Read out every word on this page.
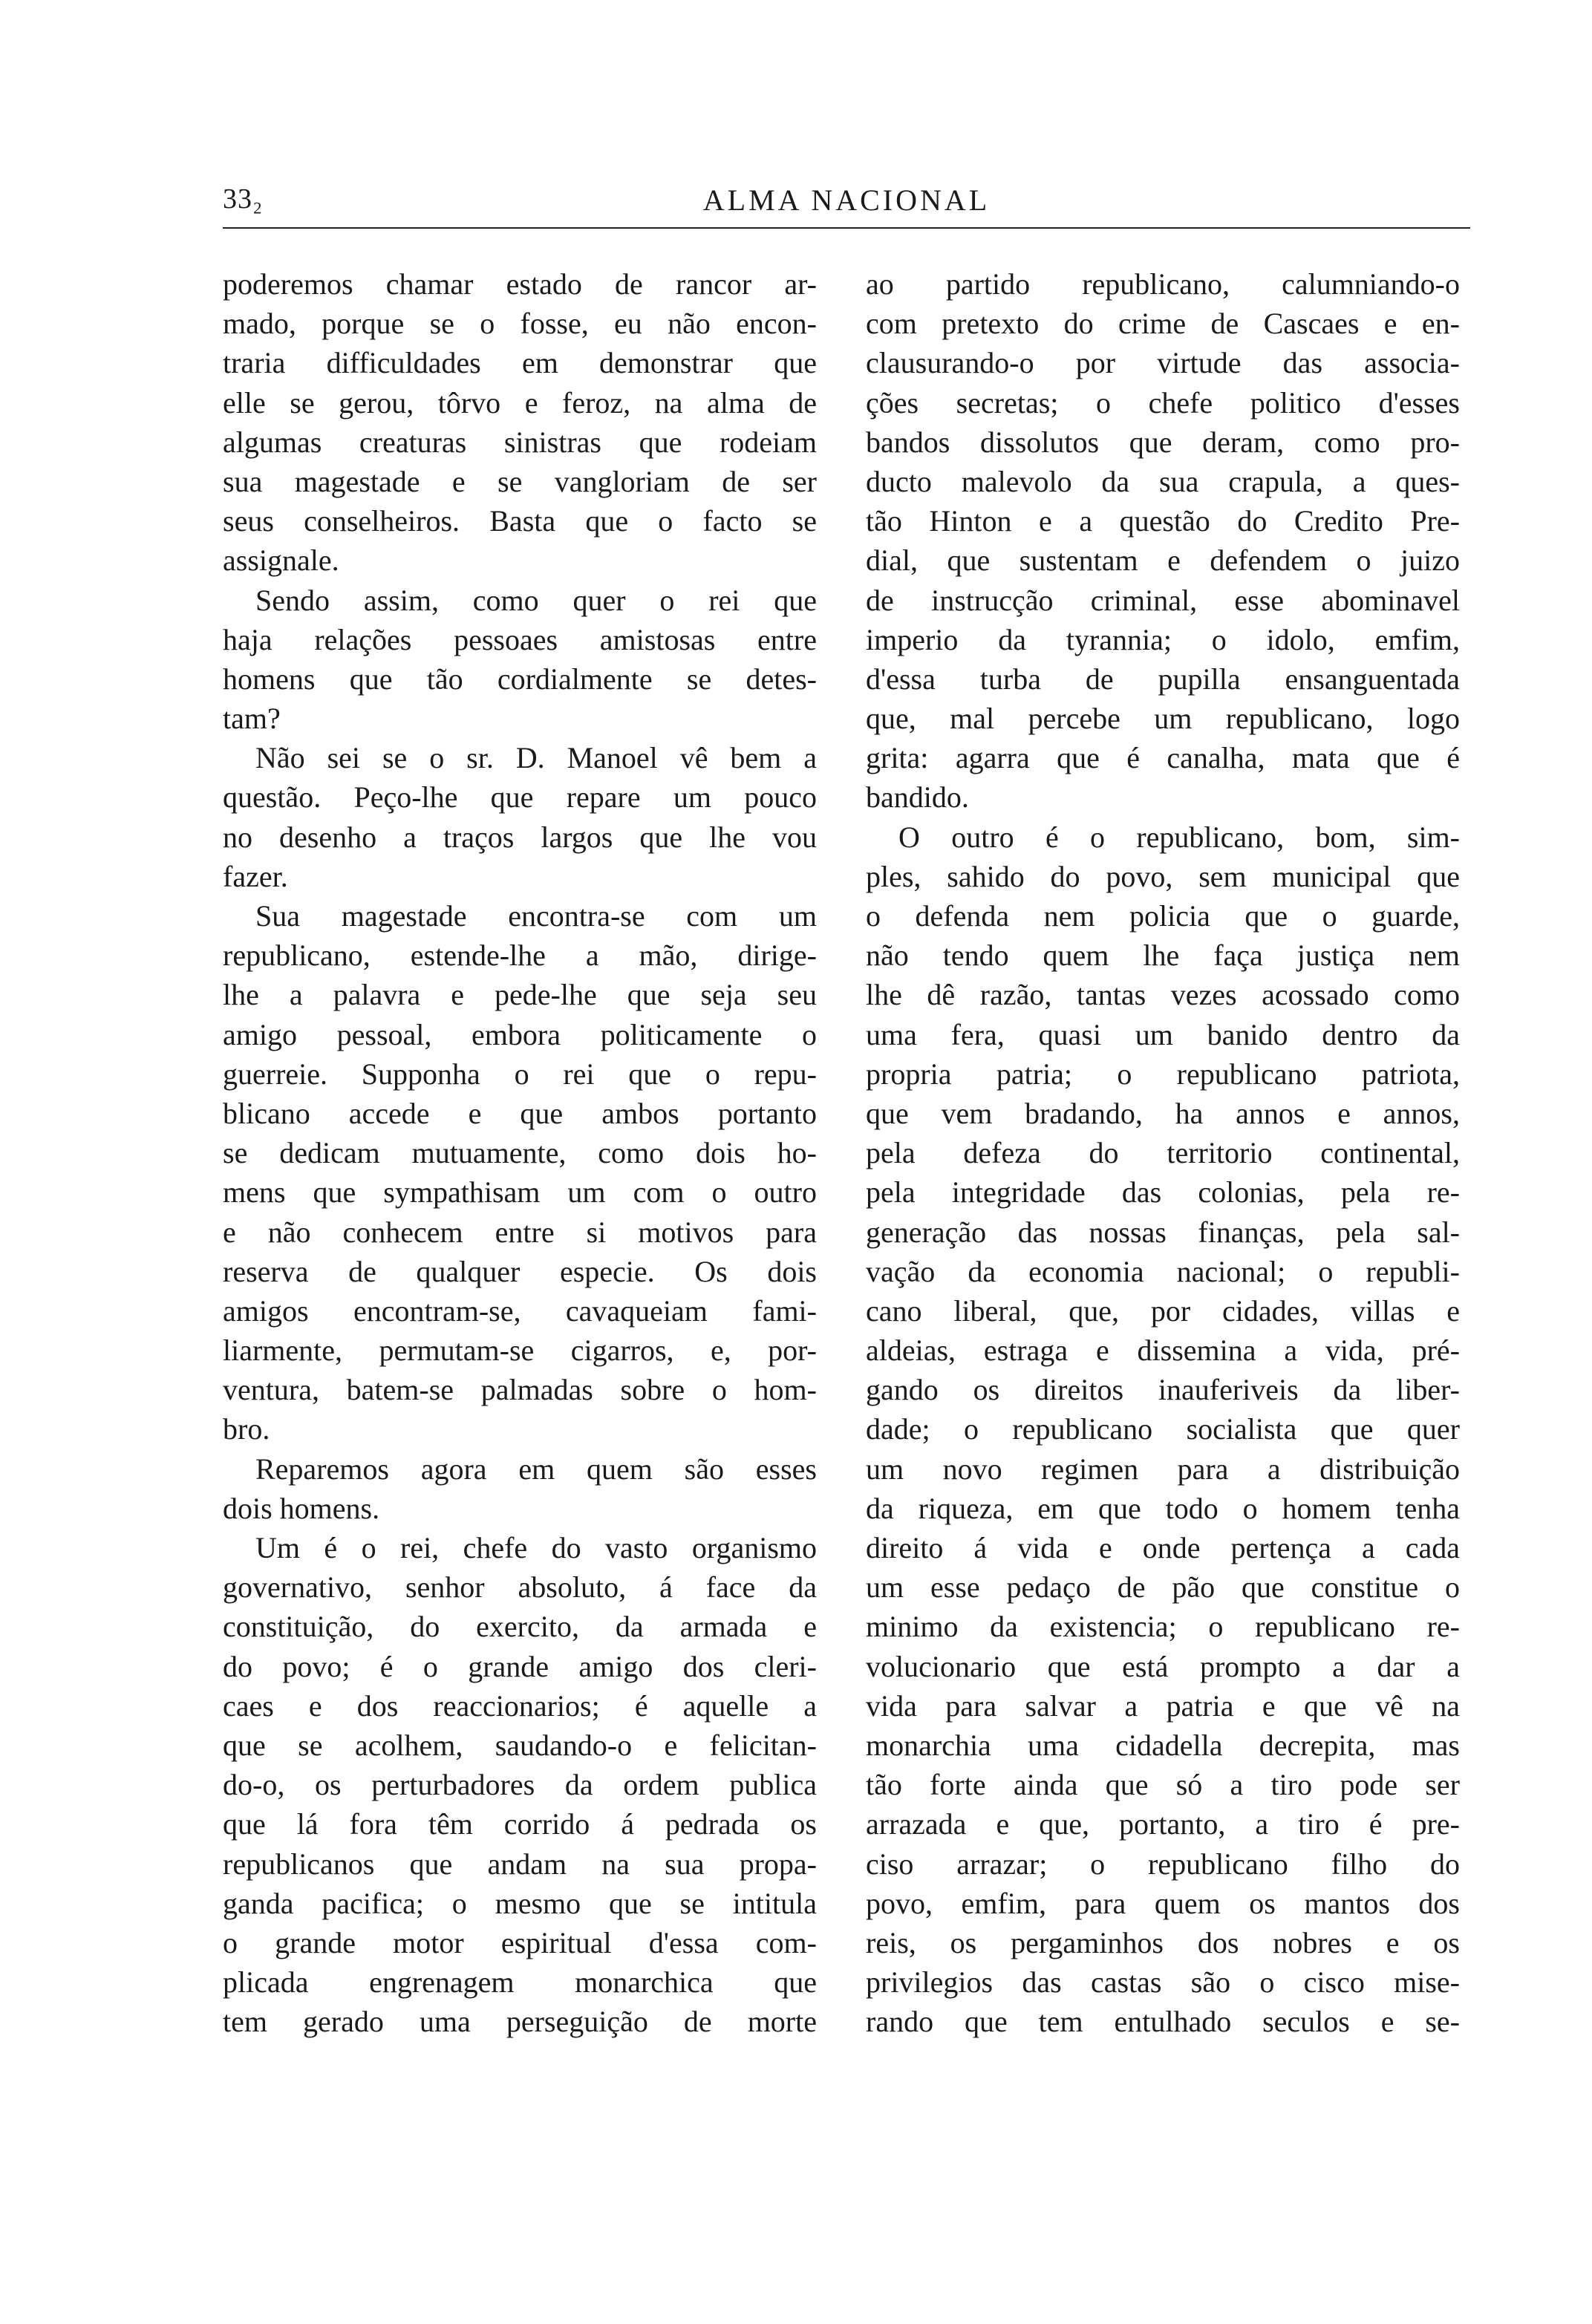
33₂	ALMA NACIONAL
poderemos chamar estado de rancor ar-
mado, porque se o fosse, eu não encon-
traria difficuldades em demonstrar que
elle se gerou, tôrvo e feroz, na alma de
algumas creaturas sinistras que rodeiam
sua magestade e se vangloriam de ser
seus conselheiros. Basta que o facto se
assignale.
Sendo assim, como quer o rei que
haja relações pessoaes amistosas entre
homens que tão cordialmente se detes-
tam?
Não sei se o sr. D. Manoel vê bem a
questão. Peço-lhe que repare um pouco
no desenho a traços largos que lhe vou
fazer.
Sua magestade encontra-se com um
republicano, estende-lhe a mão, dirige-
lhe a palavra e pede-lhe que seja seu
amigo pessoal, embora politicamente o
guerreie. Supponha o rei que o repu-
blicano accede e que ambos portanto
se dedicam mutuamente, como dois ho-
mens que sympathisam um com o outro
e não conhecem entre si motivos para
reserva de qualquer especie. Os dois
amigos encontram-se, cavaqueiam fami-
liarmente, permutam-se cigarros, e, por-
ventura, batem-se palmadas sobre o hom-
bro.
Reparemos agora em quem são esses
dois homens.
Um é o rei, chefe do vasto organismo
governativo, senhor absoluto, á face da
constituição, do exercito, da armada e
do povo; é o grande amigo dos cleri-
caes e dos reaccionarios; é aquelle a
que se acolhem, saudando-o e felicitan-
do-o, os perturbadores da ordem publica
que lá fora têm corrido á pedrada os
republicanos que andam na sua propa-
ganda pacifica; o mesmo que se intitula
o grande motor espiritual d'essa com-
plicada engrenagem monarchica que
tem gerado uma perseguição de morte
ao partido republicano, calumniando-o
com pretexto do crime de Cascaes e en-
clausurando-o por virtude das associa-
ções secretas; o chefe politico d'esses
bandos dissolutos que deram, como pro-
ducto malevolo da sua crapula, a ques-
tão Hinton e a questão do Credito Pre-
dial, que sustentam e defendem o juizo
de instrucção criminal, esse abominavel
imperio da tyrannia; o idolo, emfim,
d'essa turba de pupilla ensanguentada
que, mal percebe um republicano, logo
grita: agarra que é canalha, mata que é
bandido.
O outro é o republicano, bom, sim-
ples, sahido do povo, sem municipal que
o defenda nem policia que o guarde,
não tendo quem lhe faça justiça nem
lhe dê razão, tantas vezes acossado como
uma fera, quasi um banido dentro da
propria patria; o republicano patriota,
que vem bradando, ha annos e annos,
pela defeza do territorio continental,
pela integridade das colonias, pela re-
generação das nossas finanças, pela sal-
vação da economia nacional; o republi-
cano liberal, que, por cidades, villas e
aldeias, estraga e dissemina a vida, pré-
gando os direitos inauferiveis da liber-
dade; o republicano socialista que quer
um novo regimen para a distribuição
da riqueza, em que todo o homem tenha
direito á vida e onde pertença a cada
um esse pedaço de pão que constitue o
minimo da existencia; o republicano re-
volucionario que está prompto a dar a
vida para salvar a patria e que vê na
monarchia uma cidadella decrepita, mas
tão forte ainda que só a tiro pode ser
arrazada e que, portanto, a tiro é pre-
ciso arrazar; o republicano filho do
povo, emfim, para quem os mantos dos
reis, os pergaminhos dos nobres e os
privilegios das castas são o cisco mise-
rando que tem entulhado seculos e se-
